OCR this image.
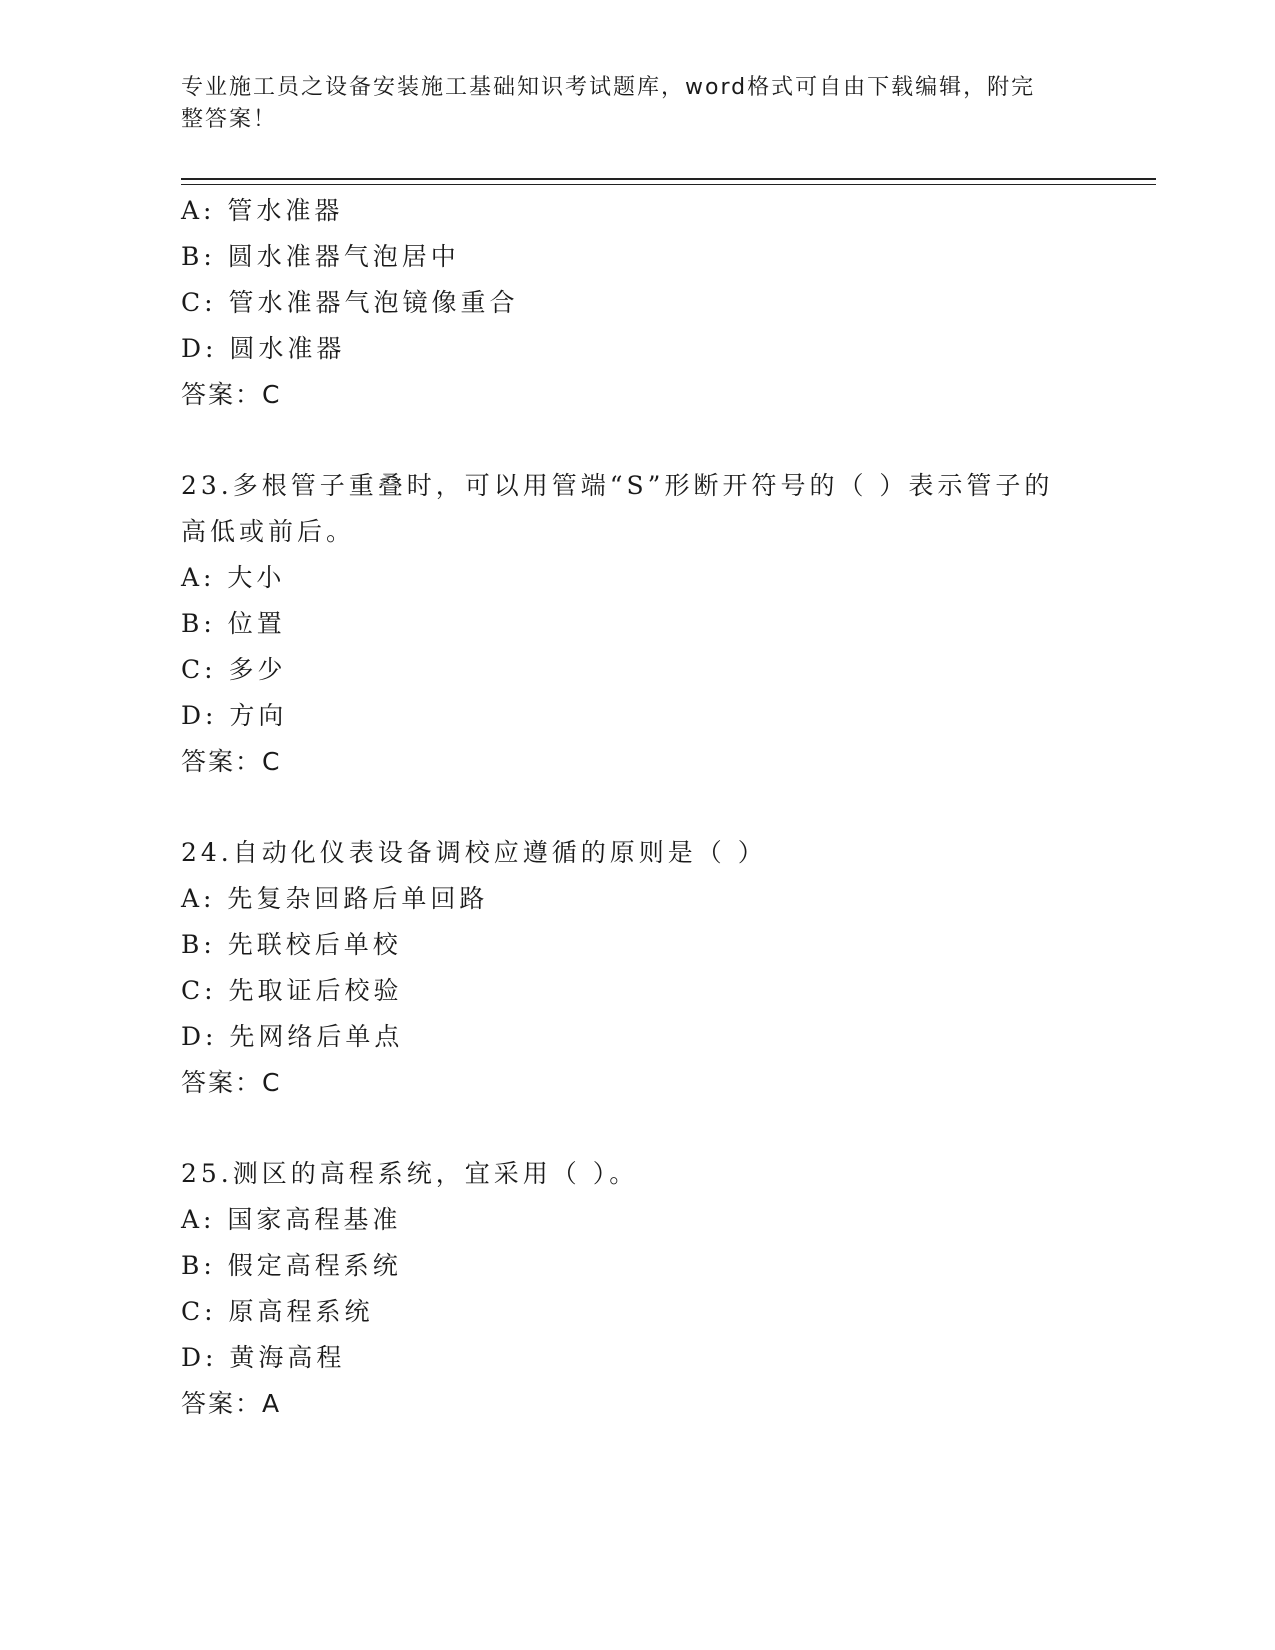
专业施工员之设备安装施工基础知识考试题库，word格式可自由下载编辑，附完整答案！
A: 管水准器
B: 圆水准器气泡居中
C: 管水准器气泡镜像重合
D: 圆水准器
答案：C
23.多根管子重叠时，可以用管端“S”形断开符号的（ ）表示管子的高低或前后。
A: 大小
B: 位置
C: 多少
D: 方向
答案：C
24.自动化仪表设备调校应遵循的原则是（ ）
A: 先复杂回路后单回路
B: 先联校后单校
C: 先取证后校验
D: 先网络后单点
答案：C
25.测区的高程系统，宜采用（ ）。
A: 国家高程基准
B: 假定高程系统
C: 原高程系统
D: 黄海高程
答案：A
